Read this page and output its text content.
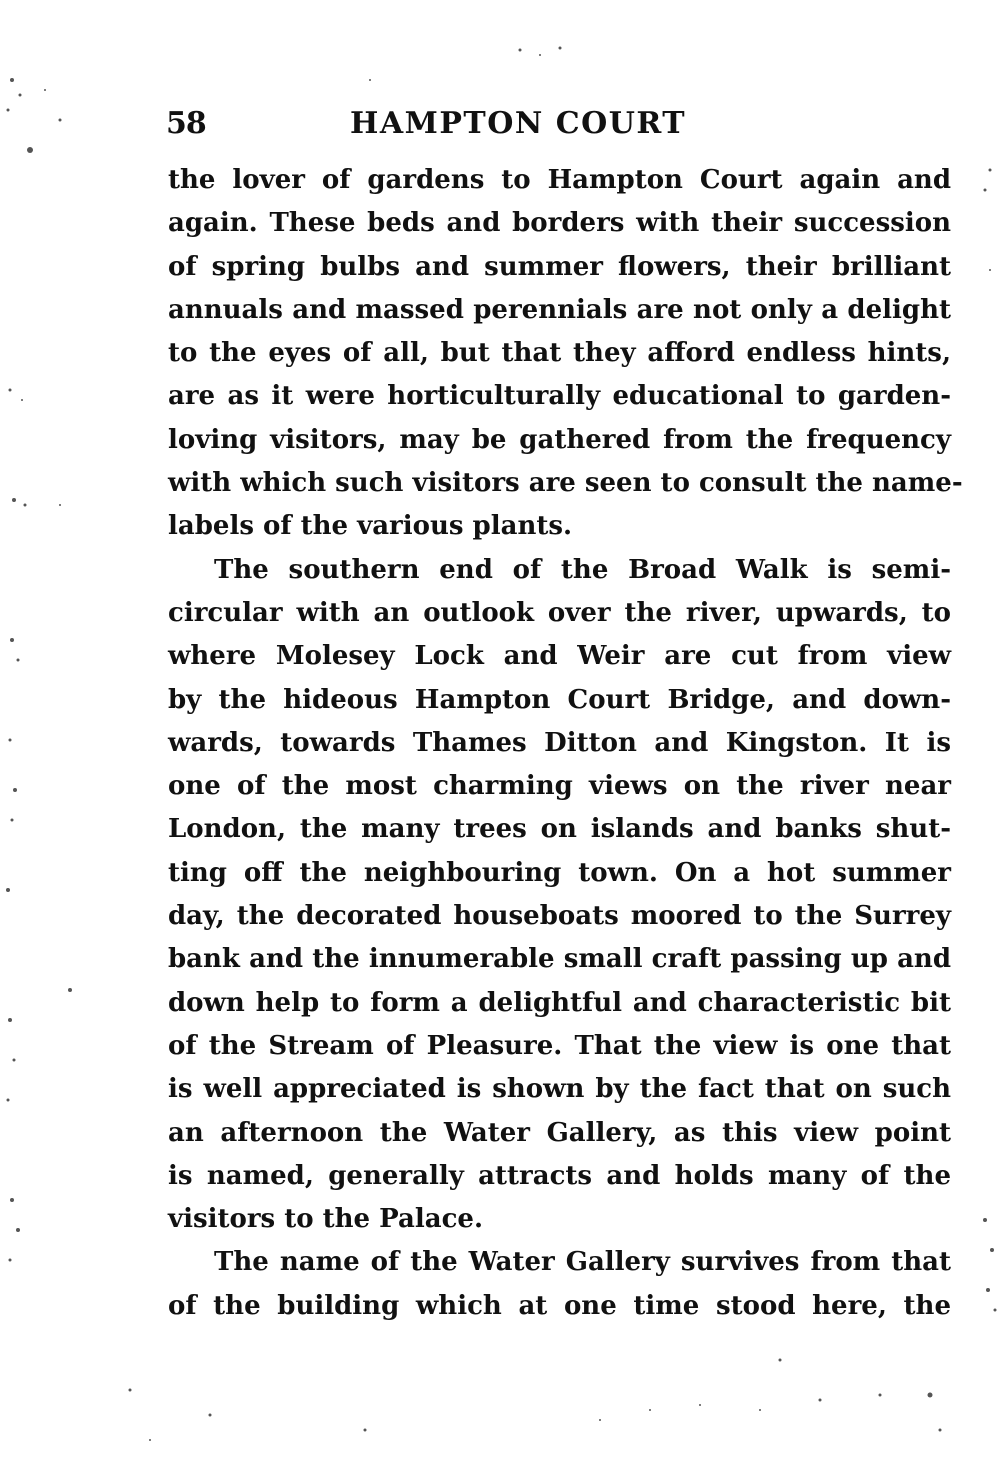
58	HAMPTON COURT
the lover of gardens to Hampton Court again and
again. These beds and borders with their succession
of spring bulbs and summer flowers, their brilliant
annuals and massed perennials are not only a delight
to the eyes of all, but that they afford endless hints,
are as it were horticulturally educational to garden-
loving visitors, may be gathered from the frequency
with which such visitors are seen to consult the name-
labels of the various plants.
The southern end of the Broad Walk is semi-
circular with an outlook over the river, upwards, to
where Molesey Lock and Weir are cut from view
by the hideous Hampton Court Bridge, and down-
wards, towards Thames Ditton and Kingston. It is
one of the most charming views on the river near
London, the many trees on islands and banks shut-
ting off the neighbouring town. On a hot summer
day, the decorated houseboats moored to the Surrey
bank and the innumerable small craft passing up and
down help to form a delightful and characteristic bit
of the Stream of Pleasure. That the view is one that
is well appreciated is shown by the fact that on such
an afternoon the Water Gallery, as this view point
is named, generally attracts and holds many of the
visitors to the Palace.
The name of the Water Gallery survives from that
of the building which at one time stood here, the
